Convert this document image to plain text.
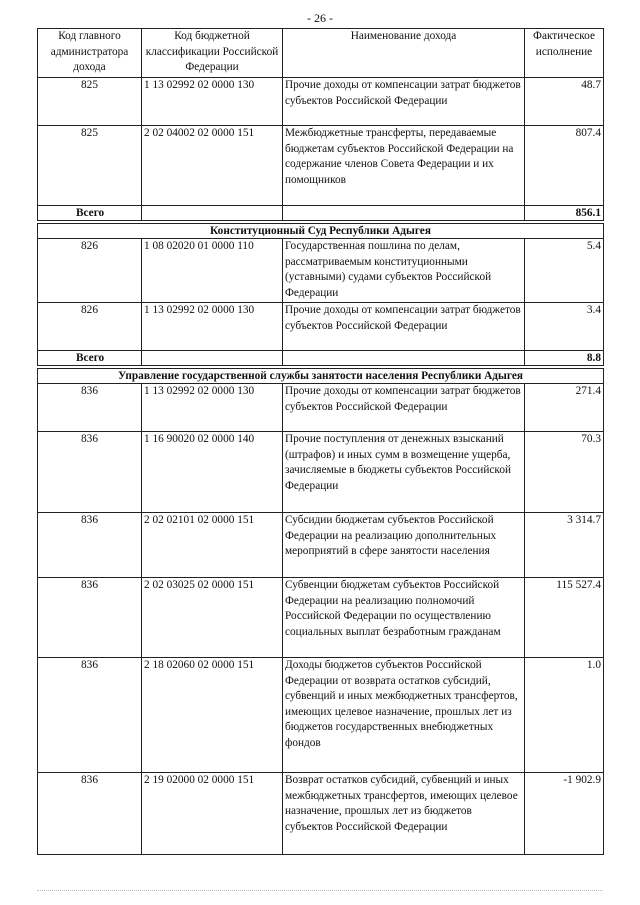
- 26 -
Код главного администратора дохода	Код бюджетной классификации Российской Федерации	Наименование дохода	Фактическое исполнение
825	1 13 02992 02 0000 130	Прочие доходы от компенсации затрат бюджетов субъектов Российской Федерации	48.7
825	2 02 04002 02 0000 151	Межбюджетные трансферты, передаваемые бюджетам субъектов Российской Федерации на содержание членов Совета Федерации и их помощников	807.4
Всего			856.1

Конституционный Суд Республики Адыгея			
826	1 08 02020 01 0000 110	Государственная пошлина по делам, рассматриваемым конституционными (уставными) судами субъектов Российской Федерации	5.4
826	1 13 02992 02 0000 130	Прочие доходы от компенсации затрат бюджетов субъектов Российской Федерации	3.4
Всего			8.8

Управление государственной службы занятости населения Республики Адыгея			
836	1 13 02992 02 0000 130	Прочие доходы от компенсации затрат бюджетов субъектов Российской Федерации	271.4
836	1 16 90020 02 0000 140	Прочие поступления от денежных взысканий (штрафов) и иных сумм в возмещение ущерба, зачисляемые в бюджеты субъектов Российской Федерации	70.3
836	2 02 02101 02 0000 151	Субсидии бюджетам субъектов Российской Федерации на реализацию дополнительных мероприятий в сфере занятости населения	3 314.7
836	2 02 03025 02 0000 151	Субвенции бюджетам субъектов Российской Федерации на реализацию полномочий Российской Федерации по осуществлению социальных выплат безработным гражданам	115 527.4
836	2 18 02060 02 0000 151	Доходы бюджетов субъектов Российской Федерации от возврата остатков субсидий, субвенций и иных межбюджетных трансфертов, имеющих целевое назначение, прошлых лет из бюджетов государственных внебюджетных фондов	1.0
836	2 19 02000 02 0000 151	Возврат остатков субсидий, субвенций и иных межбюджетных трансфертов, имеющих целевое назначение, прошлых лет из бюджетов субъектов Российской Федерации	-1 902.9
